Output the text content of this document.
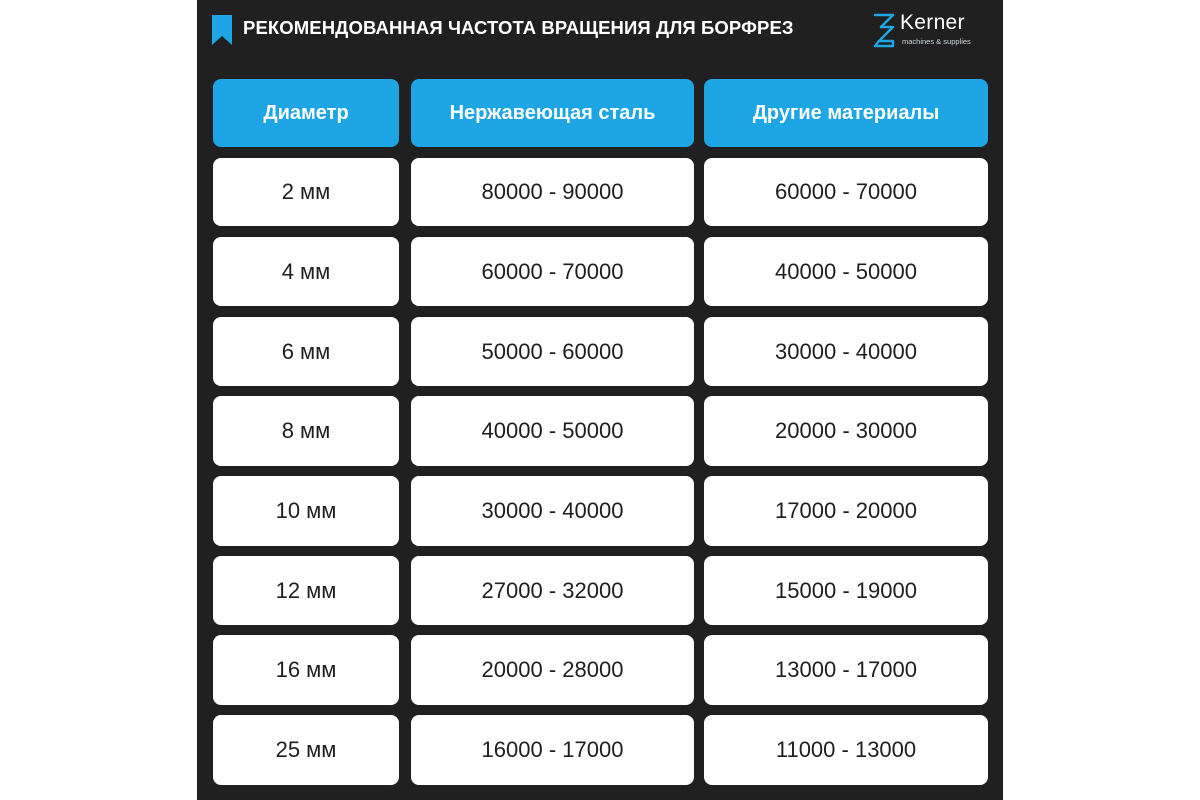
РЕКОМЕНДОВАННАЯ ЧАСТОТА ВРАЩЕНИЯ ДЛЯ БОРФРЕЗ	Kerner
machines & supplies
Диаметр	Нержавеющая сталь	Другие материалы
2 мм	80000 - 90000	60000 - 70000
4 мм	60000 - 70000	40000 - 50000
6 мм	50000 - 60000	30000 - 40000
8 мм	40000 - 50000	20000 - 30000
10 мм	30000 - 40000	17000 - 20000
12 мм	27000 - 32000	15000 - 19000
16 мм	20000 - 28000	13000 - 17000
25 мм	16000 - 17000	11000 - 13000
